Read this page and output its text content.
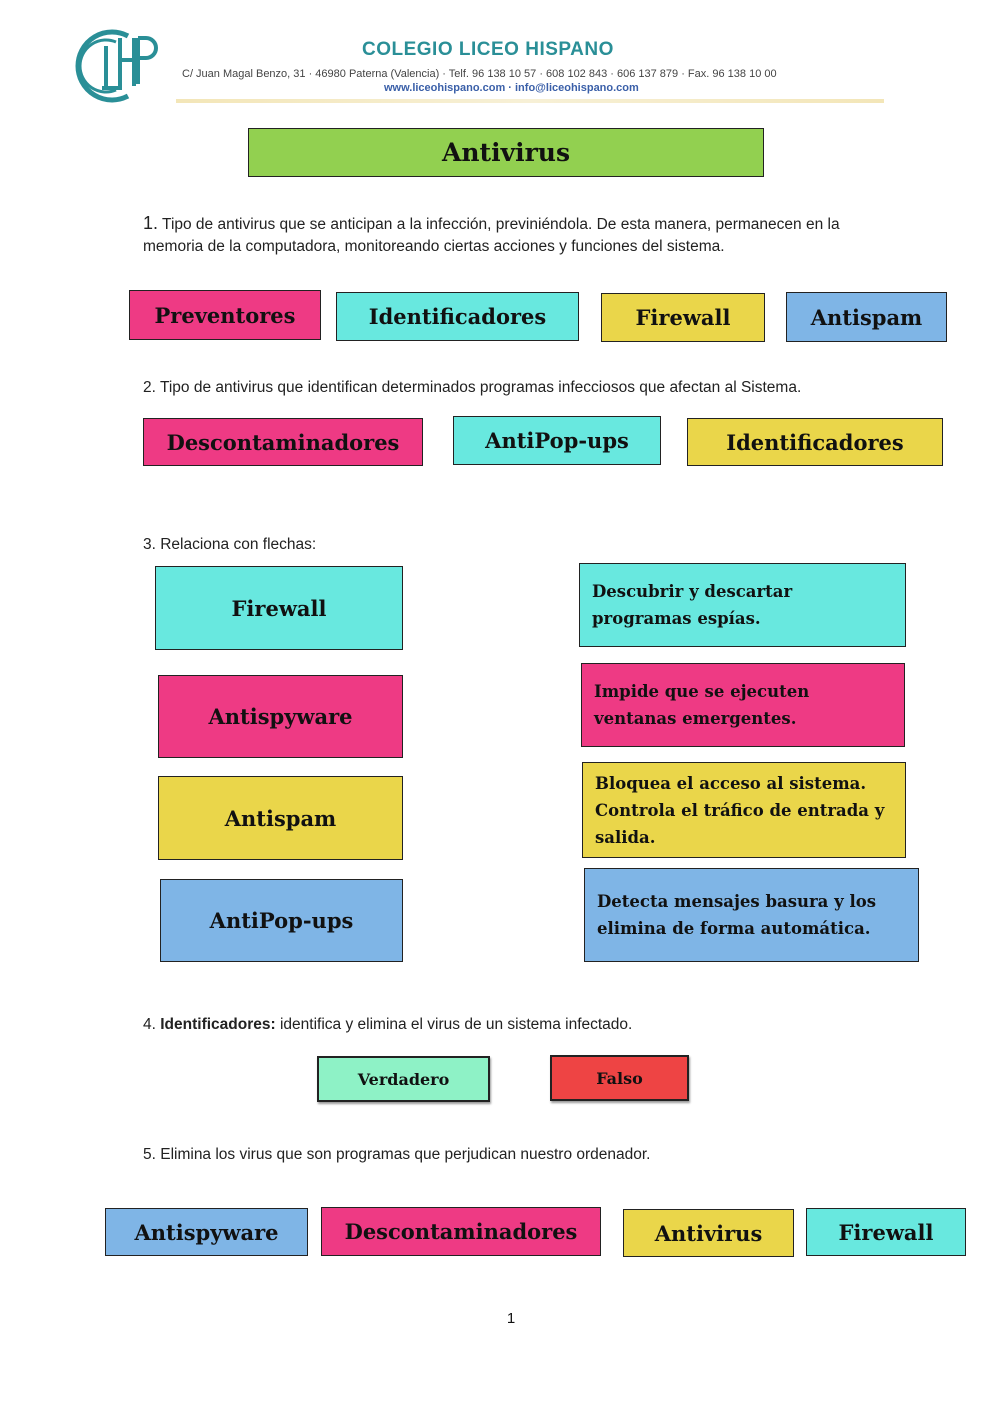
COLEGIO LICEO HISPANO
C/ Juan Magal Benzo, 31 · 46980 Paterna (Valencia) · Telf. 96 138 10 57 · 608 102 843 · 606 137 879 · Fax. 96 138 10 00
www.liceohispano.com · info@liceohispano.com
Antivirus
1. Tipo de antivirus que se anticipan a la infección, previniéndola. De esta manera, permanecen en la memoria de la computadora, monitoreando ciertas acciones y funciones del sistema.
Preventores	Identificadores	Firewall	Antispam
2. Tipo de antivirus que identifican determinados programas infecciosos que afectan al Sistema.
Descontaminadores	AntiPop-ups	Identificadores
3. Relaciona con flechas:
Firewall
Antispyware
Antispam
AntiPop-ups
Descubrir y descartar programas espías.
Impide que se ejecuten ventanas emergentes.
Bloquea el acceso al sistema. Controla el tráfico de entrada y salida.
Detecta mensajes basura y los elimina de forma automática.
4. Identificadores: identifica y elimina el virus de un sistema infectado.
Verdadero	Falso
5. Elimina los virus que son programas que perjudican nuestro ordenador.
Antispyware	Descontaminadores	Antivirus	Firewall
1
